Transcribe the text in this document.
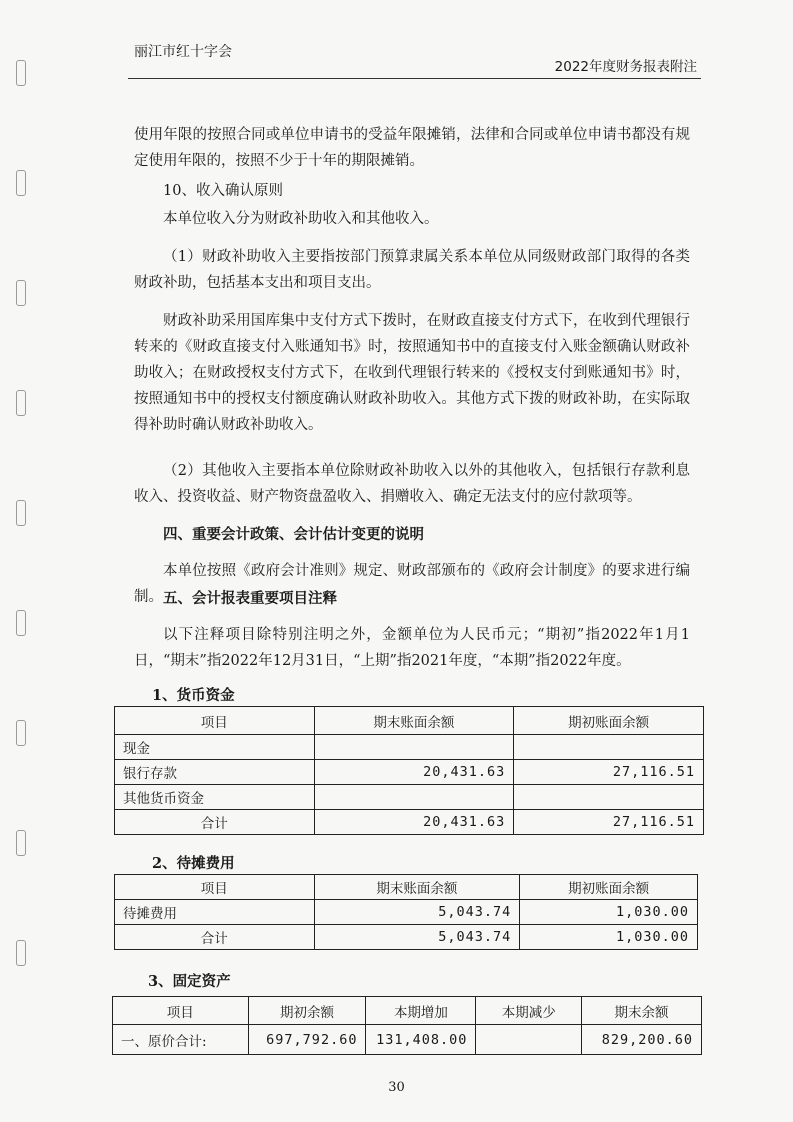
丽江市红十字会
2022年度财务报表附注

使用年限的按照合同或单位申请书的受益年限摊销，法律和合同或单位申请书都没有规定使用年限的，按照不少于十年的期限摊销。

10、收入确认原则

本单位收入分为财政补助收入和其他收入。

（1）财政补助收入主要指按部门预算隶属关系本单位从同级财政部门取得的各类财政补助，包括基本支出和项目支出。

财政补助采用国库集中支付方式下拨时，在财政直接支付方式下，在收到代理银行转来的《财政直接支付入账通知书》时，按照通知书中的直接支付入账金额确认财政补助收入；在财政授权支付方式下，在收到代理银行转来的《授权支付到账通知书》时，按照通知书中的授权支付额度确认财政补助收入。其他方式下拨的财政补助，在实际取得补助时确认财政补助收入。

（2）其他收入主要指本单位除财政补助收入以外的其他收入，包括银行存款利息收入、投资收益、财产物资盘盈收入、捐赠收入、确定无法支付的应付款项等。

四、重要会计政策、会计估计变更的说明

本单位按照《政府会计准则》规定、财政部颁布的《政府会计制度》的要求进行编制。 五、会计报表重要项目注释

以下注释项目除特别注明之外，金额单位为人民币元；“期初”指2022年1月1日，“期末”指2022年12月31日，“上期”指2021年度，“本期”指2022年度。

1、货币资金
项目	期末账面余额	期初账面余额
现金		
银行存款	20,431.63	27,116.51
其他货币资金		
合计	20,431.63	27,116.51
2、待摊费用
项目	期末账面余额	期初账面余额
待摊费用	5,043.74	1,030.00
合计	5,043.74	1,030.00
3、固定资产
项目	期初余额	本期增加	本期减少	期末余额
一、原价合计:	697,792.60	131,408.00		829,200.60
30
